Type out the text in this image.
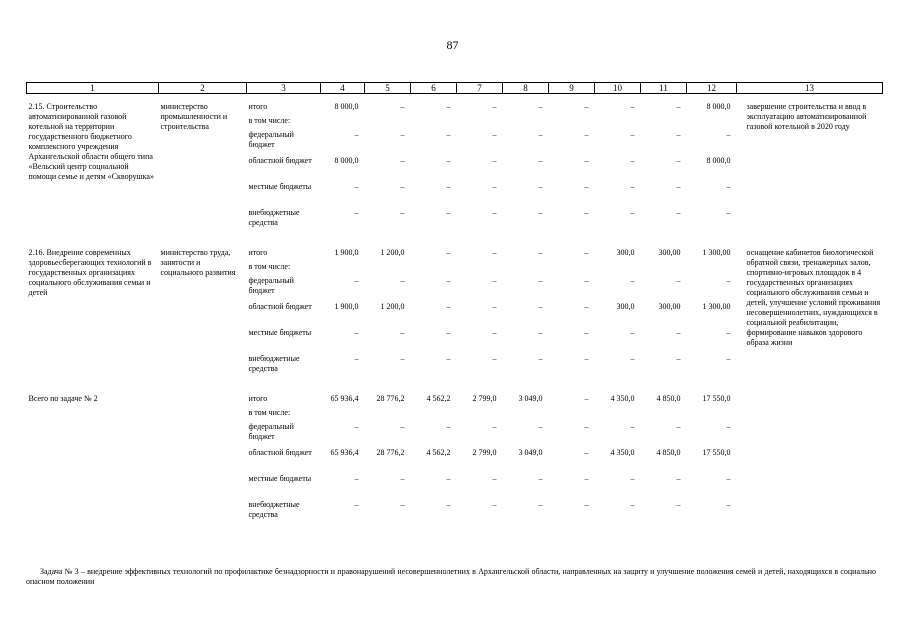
87
1	2	3	4	5	6	7	8	9	10	11	12	13

2.15. Строительство автоматизированной газовой котельной на территории государственного бюджетного комплексного учреждения Архангельской области общего типа «Вельский центр социальной помощи семье и детям «Скворушка»	министерство промышленности и строительства	итого	8 000,0	–	–	–	–	–	–	–	8 000,0	завершение строительства и ввод в эксплуатацию автоматизированной газовой котельной в 2020 году
		в том числе:										
		федеральный бюджет	–	–	–	–	–	–	–	–	–	
		областной бюджет	8 000,0	–	–	–	–	–	–	–	8 000,0	
		местные бюджеты	–	–	–	–	–	–	–	–	–	
		внебюджетные средства	–	–	–	–	–	–	–	–	–	

2.16. Внедрение современных здоровьесберегающих технологий в государственных организациях социального обслуживания семьи и детей	министерство труда, занятости и социального развития	итого	1 900,0	1 200,0	–	–	–	–	300,0	300,00	1 300,00	оснащение кабинетов биологической обратной связи, тренажерных залов, спортивно-игровых площадок в 4 государственных организациях социального обслуживания семьи и детей, улучшение условий проживания несовершеннолетних, нуждающихся в социальной реабилитации, формирование навыков здорового образа жизни
		в том числе:										
		федеральный бюджет	–	–	–	–	–	–	–	–	–	
		областной бюджет	1 900,0	1 200,0	–	–	–	–	300,0	300,00	1 300,00	
		местные бюджеты	–	–	–	–	–	–	–	–	–	
		внебюджетные средства	–	–	–	–	–	–	–	–	–	

Всего по задаче № 2		итого	65 936,4	28 776,2	4 562,2	2 799,0	3 049,0	–	4 350,0	4 850,0	17 550,0	
		в том числе:										
		федеральный бюджет	–	–	–	–	–	–	–	–	–	
		областной бюджет	65 936,4	28 776,2	4 562,2	2 799,0	3 049,0	–	4 350,0	4 850,0	17 550,0	
		местные бюджеты	–	–	–	–	–	–	–	–	–	
		внебюджетные средства	–	–	–	–	–	–	–	–	–	
Задача № 3 – внедрение эффективных технологий по профилактике безнадзорности и правонарушений несовершеннолетних в Архангельской области, направленных на защиту и улучшение положения семей и детей, находящихся в социально опасном положении
